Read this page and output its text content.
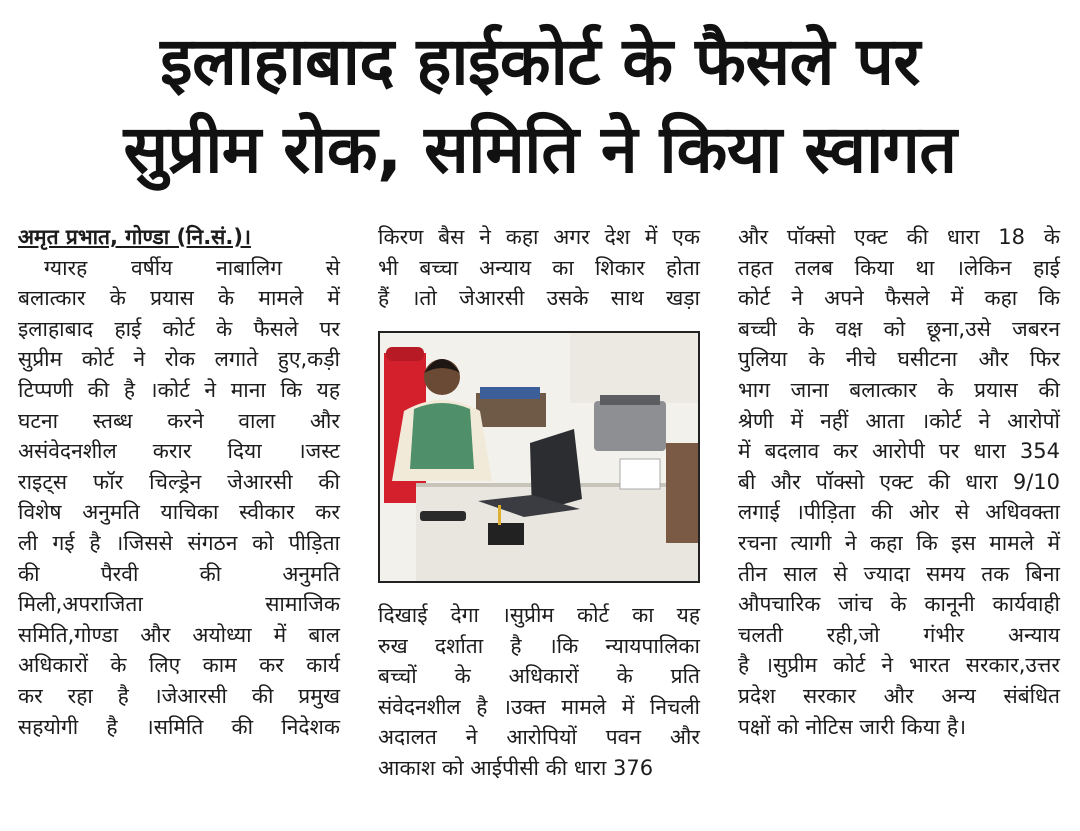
इलाहाबाद हाईकोर्ट के फैसले पर
सुप्रीम रोक, समिति ने किया स्वागत

अमृत प्रभात, गोण्डा (नि.सं.)।

ग्यारह वर्षीय नाबालिग से

बलात्कार के प्रयास के मामले में

इलाहाबाद हाई कोर्ट के फैसले पर

सुप्रीम कोर्ट ने रोक लगाते हुए,कड़ी

टिप्पणी की है ।कोर्ट ने माना कि यह

घटना स्तब्ध करने वाला और

असंवेदनशील करार दिया ।जस्ट

राइट्स फॉर चिल्ड्रेन जेआरसी की

विशेष अनुमति याचिका स्वीकार कर

ली गई है ।जिससे संगठन को पीड़िता

की पैरवी की अनुमति

मिली,अपराजिता सामाजिक

समिति,गोण्डा और अयोध्या में बाल

अधिकारों के लिए काम कर कार्य

कर रहा है ।जेआरसी की प्रमुख

सहयोगी है ।समिति की निदेशक

किरण बैस ने कहा अगर देश में एक

भी बच्चा अन्याय का शिकार होता

हैं ।तो जेआरसी उसके साथ खड़ा

दिखाई देगा ।सुप्रीम कोर्ट का यह

रुख दर्शाता है ।कि न्यायपालिका

बच्चों के अधिकारों के प्रति

संवेदनशील है ।उक्त मामले में निचली

अदालत ने आरोपियों पवन और

आकाश को आईपीसी की धारा 376

और पॉक्सो एक्ट की धारा 18 के

तहत तलब किया था ।लेकिन हाई

कोर्ट ने अपने फैसले में कहा कि

बच्ची के वक्ष को छूना,उसे जबरन

पुलिया के नीचे घसीटना और फिर

भाग जाना बलात्कार के प्रयास की

श्रेणी में नहीं आता ।कोर्ट ने आरोपों

में बदलाव कर आरोपी पर धारा 354

बी और पॉक्सो एक्ट की धारा 9/10

लगाई ।पीड़िता की ओर से अधिवक्ता

रचना त्यागी ने कहा कि इस मामले में

तीन साल से ज्यादा समय तक बिना

औपचारिक जांच के कानूनी कार्यवाही

चलती रही,जो गंभीर अन्याय

है ।सुप्रीम कोर्ट ने भारत सरकार,उत्तर

प्रदेश सरकार और अन्य संबंधित

पक्षों को नोटिस जारी किया है।
